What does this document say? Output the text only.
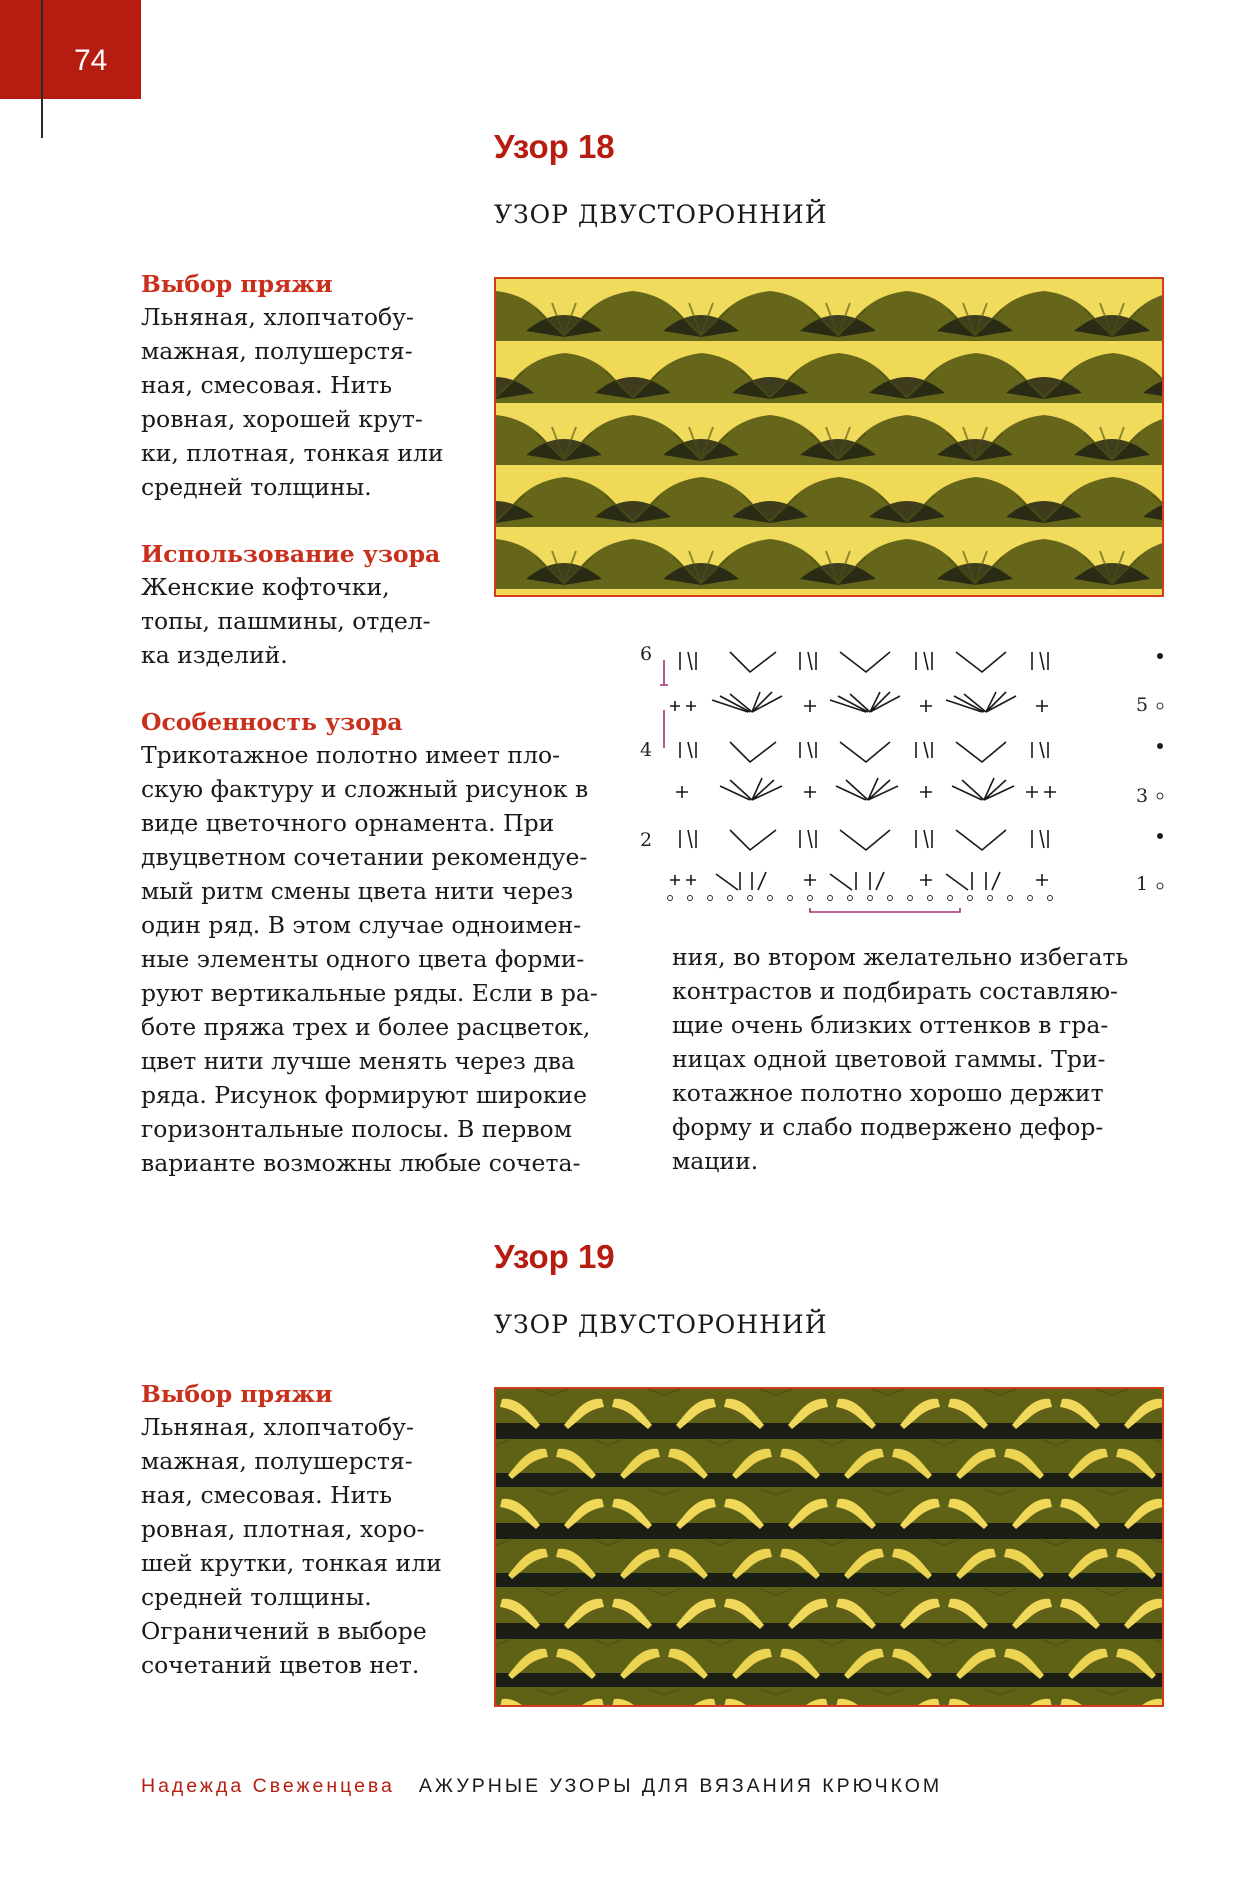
74
Узор 18
УЗОР ДВУСТОРОННИЙ
Выбор пряжи
Льняная, хлопчатобу-
мажная, полушерстя-
ная, смесовая. Нить
ровная, хорошей крут-
ки, плотная, тонкая или
средней толщины.
Использование узора
Женские кофточки,
топы, пашмины, отдел-
ка изделий.
Особенность узора
Трикотажное полотно имеет пло-
скую фактуру и сложный рисунок в
виде цветочного орнамента. При
двуцветном сочетании рекомендуе-
мый ритм смены цвета нити через
один ряд. В этом случае одноимен-
ные элементы одного цвета форми-
руют вертикальные ряды. Если в ра-
боте пряжа трех и более расцветок,
цвет нити лучше менять через два
ряда. Рисунок формируют широкие
горизонтальные полосы. В первом
варианте возможны любые сочета-
ния, во втором желательно избегать
контрастов и подбирать составляю-
щие очень близких оттенков в гра-
ницах одной цветовой гаммы. Три-
котажное полотно хорошо держит
форму и слабо подвержено дефор-
мации.
6
5
4
3
2
1
Узор 19
УЗОР ДВУСТОРОННИЙ
Выбор пряжи
Льняная, хлопчатобу-
мажная, полушерстя-
ная, смесовая. Нить
ровная, плотная, хоро-
шей крутки, тонкая или
средней толщины.
Ограничений в выборе
сочетаний цветов нет.
Надежда Свеженцева АЖУРНЫЕ УЗОРЫ ДЛЯ ВЯЗАНИЯ КРЮЧКОМ
